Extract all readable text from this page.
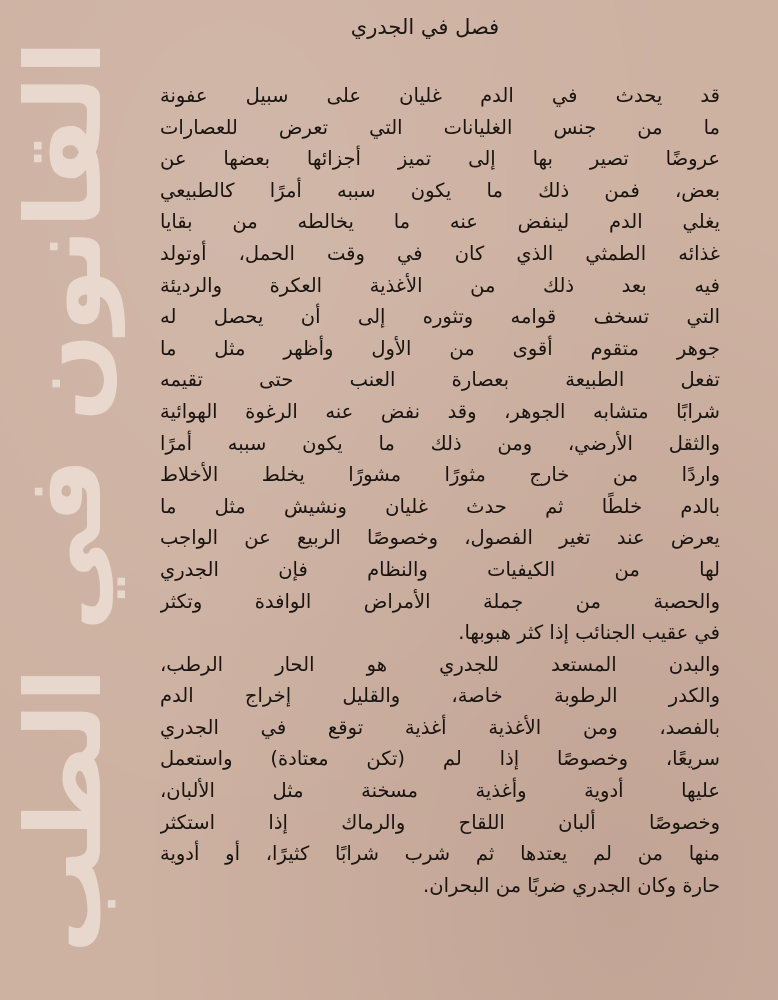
القانون في الطب
فصل في الجدري
قد يحدث في الدم غليان على سبيل عفونة
ما من جنس الغليانات التي تعرض للعصارات
عروضًا تصير بها إلى تميز أجزائها بعضها عن
بعض، فمن ذلك ما يكون سببه أمرًا كالطبيعي
يغلي الدم لينفض عنه ما يخالطه من بقايا
غذائه الطمثي الذي كان في وقت الحمل، أوتولد
فيه بعد ذلك من الأغذية العكرة والرديئة
التي تسخف قوامه وتثوره إلى أن يحصل له
جوهر متقوم أقوى من الأول وأظهر مثل ما
تفعل الطبيعة بعصارة العنب حتى تقيمه
شرابًا متشابه الجوهر، وقد نفض عنه الرغوة الهوائية
والثقل الأرضي، ومن ذلك ما يكون سببه أمرًا
واردًا من خارج مثورًا مشورًا يخلط الأخلاط
بالدم خلطًا ثم حدث غليان ونشيش مثل ما
يعرض عند تغير الفصول، وخصوصًا الربيع عن الواجب
لها من الكيفيات والنظام فإن الجدري
والحصبة من جملة الأمراض الوافدة وتكثر
في عقيب الجنائب إذا كثر هبوبها.
والبدن المستعد للجدري هو الحار الرطب،
والكدر الرطوبة خاصة، والقليل إخراج الدم
بالفصد، ومن الأغذية أغذية توقع في الجدري
سريعًا، وخصوصًا إذا لم (تكن معتادة) واستعمل
عليها أدوية وأغذية مسخنة مثل الألبان،
وخصوصًا ألبان اللقاح والرماك إذا استكثر
منها من لم يعتدها ثم شرب شرابًا كثيرًا، أو أدوية
حارة وكان الجدري ضربًا من البحران.
